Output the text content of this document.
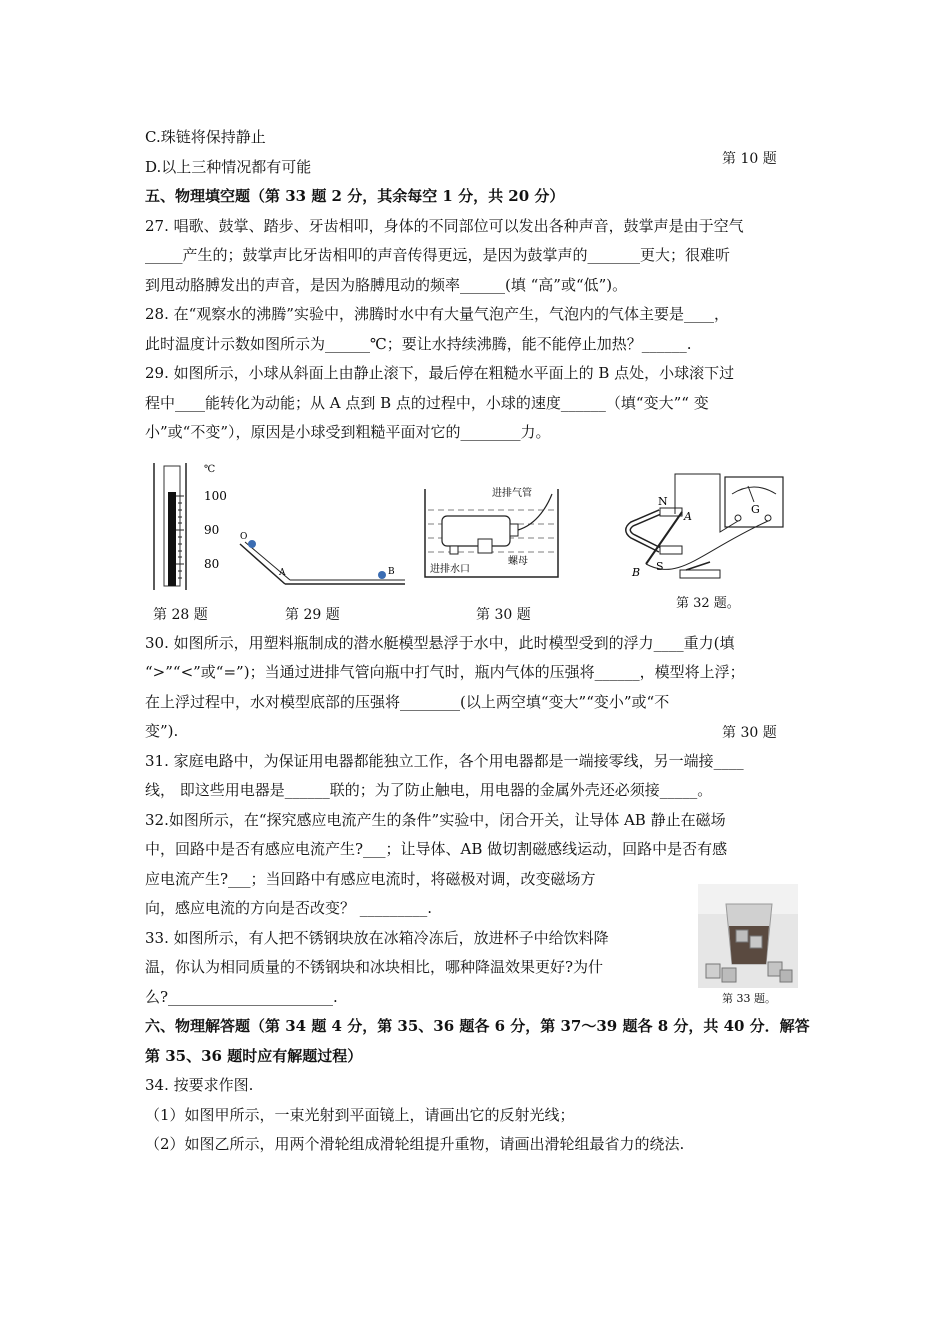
C.珠链将保持静止
D.以上三种情况都有可能
五、物理填空题（第 33 题 2 分，其余每空 1 分，共 20 分）
27. 唱歌、鼓掌、踏步、牙齿相叩，身体的不同部位可以发出各种声音，鼓掌声是由于空气
_____产生的；鼓掌声比牙齿相叩的声音传得更远，是因为鼓掌声的_______更大；很难听
到甩动胳膊发出的声音，是因为胳膊甩动的频率______(填 “高”或“低”)。
28. 在“观察水的沸腾”实验中，沸腾时水中有大量气泡产生，气泡内的气体主要是____，
此时温度计示数如图所示为______℃；要让水持续沸腾，能不能停止加热？______.
29. 如图所示，小球从斜面上由静止滚下，最后停在粗糙水平面上的 B 点处，小球滚下过
程中____能转化为动能；从 A 点到 B 点的过程中，小球的速度______（填“变大”“ 变
小”或“不变”），原因是小球受到粗糙平面对它的________力。
30. 如图所示，用塑料瓶制成的潜水艇模型悬浮于水中，此时模型受到的浮力____重力(填
“>”“<”或“=”)；当通过进排气管向瓶中打气时，瓶内气体的压强将______，模型将上浮；
在上浮过程中，水对模型底部的压强将________(以上两空填“变大”“变小”或“不
变”).
31. 家庭电路中，为保证用电器都能独立工作，各个用电器都是一端接零线，另一端接____
线， 即这些用电器是______联的；为了防止触电，用电器的金属外壳还必须接_____。
32.如图所示，在“探究感应电流产生的条件”实验中，闭合开关，让导体 AB 静止在磁场
中，回路中是否有感应电流产生?___；让导体、AB 做切割磁感线运动，回路中是否有感
应电流产生?___；当回路中有感应电流时，将磁极对调，改变磁场方
向，感应电流的方向是否改变？ _________.
33. 如图所示，有人把不锈钢块放在冰箱冷冻后，放进杯子中给饮料降
温，你认为相同质量的不锈钢块和冰块相比，哪种降温效果更好?为什
么?______________________.
六、物理解答题（第 34 题 4 分，第 35、36 题各 6 分，第 37～39 题各 8 分，共 40 分．解答
第 35、36 题时应有解题过程）
34. 按要求作图.
（1）如图甲所示，一束光射到平面镜上，请画出它的反射光线；
（2）如图乙所示，用两个滑轮组成滑轮组提升重物，请画出滑轮组最省力的绕法.
第 10 题
第 28 题	第 29 题	第 30 题
第 32 题。
第 30 题
第 33 题。
℃
100
90
80
O
A	B
进排气管
进排水口
螺母
G
N
S
A
B
